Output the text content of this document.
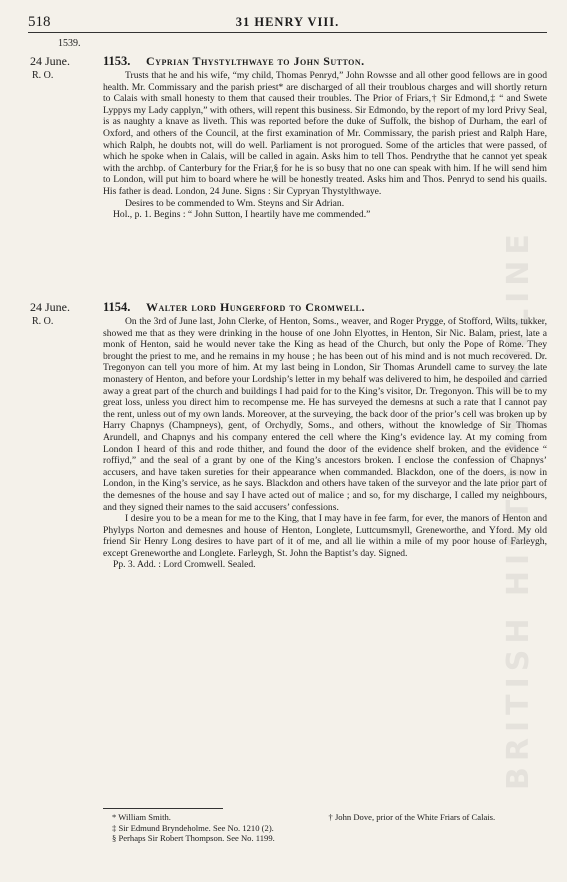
518	31 HENRY VIII.
1539.
24 June.	1153. Cyprian Thystylthwaye to John Sutton.
R. O.	Trusts that he and his wife, “my child, Thomas Penryd,” John Rowsse and all other good fellows are in good health. Mr. Commissary and the parish priest* are discharged of all their troublous charges and will shortly return to Calais with small honesty to them that caused their troubles. The Prior of Friars,† Sir Edmond,‡ “ and Swete Lyppys my Lady capplyn,” with others, will repent this business. Sir Edmondo, by the report of my lord Privy Seal, is as naughty a knave as liveth. This was reported before the duke of Suffolk, the bishop of Durham, the earl of Oxford, and others of the Council, at the first examination of Mr. Commissary, the parish priest and Ralph Hare, which Ralph, he doubts not, will do well. Parliament is not prorogued. Some of the articles that were passed, of which he spoke when in Calais, will be called in again. Asks him to tell Thos. Pendrythe that he cannot yet speak with the archbp. of Canterbury for the Friar,§ for he is so busy that no one can speak with him. If he will send him to London, will put him to board where he will be honestly treated. Asks him and Thos. Penryd to send his quails. His father is dead. London, 24 June. Signs : Sir Cypryan Thystylthwaye.

Desires to be commended to Wm. Steyns and Sir Adrian.

Hol., p. 1. Begins : “ John Sutton, I heartily have me commended.”

24 June.	1154. Walter lord Hungerford to Cromwell.
R. O.	On the 3rd of June last, John Clerke, of Henton, Soms., weaver, and Roger Prygge, of Stofford, Wilts, tukker, showed me that as they were drinking in the house of one John Elyottes, in Henton, Sir Nic. Balam, priest, late a monk of Henton, said he would never take the King as head of the Church, but only the Pope of Rome. They brought the priest to me, and he remains in my house ; he has been out of his mind and is not much recovered. Dr. Tregonyon can tell you more of him. At my last being in London, Sir Thomas Arundell came to survey the late monastery of Henton, and before your Lordship’s letter in my behalf was delivered to him, he despoiled and carried away a great part of the church and buildings I had paid for to the King’s visitor, Dr. Tregonyon. This will be to my great loss, unless you direct him to recompense me. He has surveyed the demesns at such a rate that I cannot pay the rent, unless out of my own lands. Moreover, at the surveying, the back door of the prior’s cell was broken up by Harry Chapnys (Champneys), gent, of Orchydly, Soms., and others, without the knowledge of Sir Thomas Arundell, and Chapnys and his company entered the cell where the King’s evidence lay. At my coming from London I heard of this and rode thither, and found the door of the evidence shelf broken, and the evidence “ roffiyd,” and the seal of a grant by one of the King’s ancestors broken. I enclose the confession of Chapnys’ accusers, and have taken sureties for their appearance when commanded. Blackdon, one of the doers, is now in London, in the King’s service, as he says. Blackdon and others have taken of the surveyor and the late prior part of the demesnes of the house and say I have acted out of malice ; and so, for my discharge, I called my neighbours, and they signed their names to the said accusers’ confessions.

I desire you to be a mean for me to the King, that I may have in fee farm, for ever, the manors of Henton and Phylyps Norton and demesnes and house of Henton, Longlete, Luttcumsmyll, Greneworthe, and Yford. My old friend Sir Henry Long desires to have part of it of me, and all lie within a mile of my poor house of Farleygh, except Greneworthe and Longlete. Farleygh, St. John the Baptist’s day. Signed.

Pp. 3. Add. : Lord Cromwell. Sealed.

* William Smith.	† John Dove, prior of the White Friars of Calais.
‡ Sir Edmund Bryndeholme. See No. 1210 (2).
§ Perhaps Sir Robert Thompson. See No. 1199.
BRITISH HISTORY ONLINE
